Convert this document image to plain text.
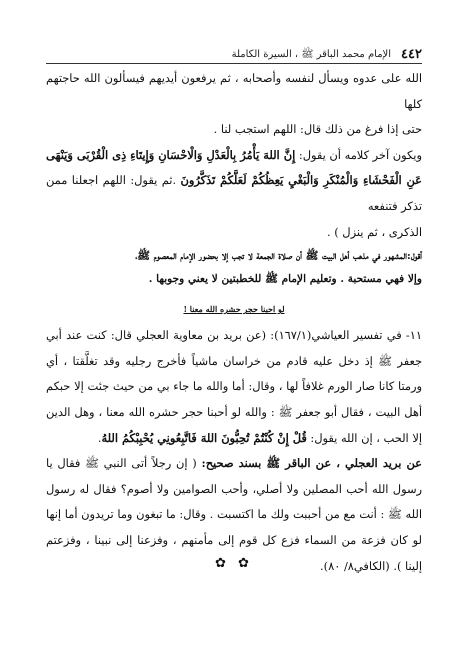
٤٤٢
الإمام محمد الباقر ﷺ ، السيرة الكاملة

الله على عدوه ويسأل لنفسه وأصحابه ، ثم يرفعون أيديهم فيسألون الله حاجتهم كلها

حتى إذا فرغ من ذلك قال: اللهم استجب لنا .

ويكون آخر كلامه أن يقول: إِنَّ اللهَ يَأْمُرُ بِالْعَدْلِ وَالْاحْسَانِ وَإِيتَاءِ ذِى الْقُرْبَى وَيَنْهَى عَنِ الْفَحْشَاءِ وَالْمُنْكَرِ وَالْبَغْيِ يَعِظُكُمْ لَعَلَّكُمْ تَذَكَّرُونَ .ثم يقول: اللهم اجعلنا ممن تذكر فتنفعه

الذكرى ، ثم ينزل ) .

أقول:المشهور في مذهب أهل البيت ﷺ أن صلاة الجمعة لا تجب إلا بحضور الإمام المعصوم ﷺ،

وإلا فهي مستحبة . وتعليم الإمام ﷺ للخطبتين لا يعني وجوبها .

لو احبنا حجر حشره الله معنا !

١١- في تفسير العياشي(١٦٧/١): (عن بريد بن معاوية العجلي قال: كنت عند أبي جعفر ﷺ إذ دخل عليه قادم من خراسان ماشياً فأخرج رجليه وقد تغلَّقتا ، أي ورمتا كانا صار الورم غلافاً لها ، وقال: أما والله ما جاء بي من حيث جئت إلا حبكم أهل البيت ، فقال أبو جعفر ﷺ : والله لو أحبنا حجر حشره الله معنا ، وهل الدين إلا الحب ، إن الله يقول: قُلْ إِنْ كُنْتُمْ تُحِبُّونَ اللهَ فَاتَّبِعُونِي يُحْبِبْكُمُ اللهُ.

عن بريد العجلي ، عن الباقر ﷺ بسند صحيح: ( إن رجلاً أتى النبي ﷺ فقال يا رسول الله أحب المصلين ولا أصلي، وأحب الصوامين ولا أصوم؟ فقال له رسول الله ﷺ : أنت مع من أحببت ولك ما اكتسبت . وقال: ما تبغون وما تريدون أما إنها لو كان فزعة من السماء فزع كل قوم إلى مأمنهم ، وفزعنا إلى نبينا ، وفزعتم إلينا ). (الكافي٨/ ٨٠).

✿ ✿
